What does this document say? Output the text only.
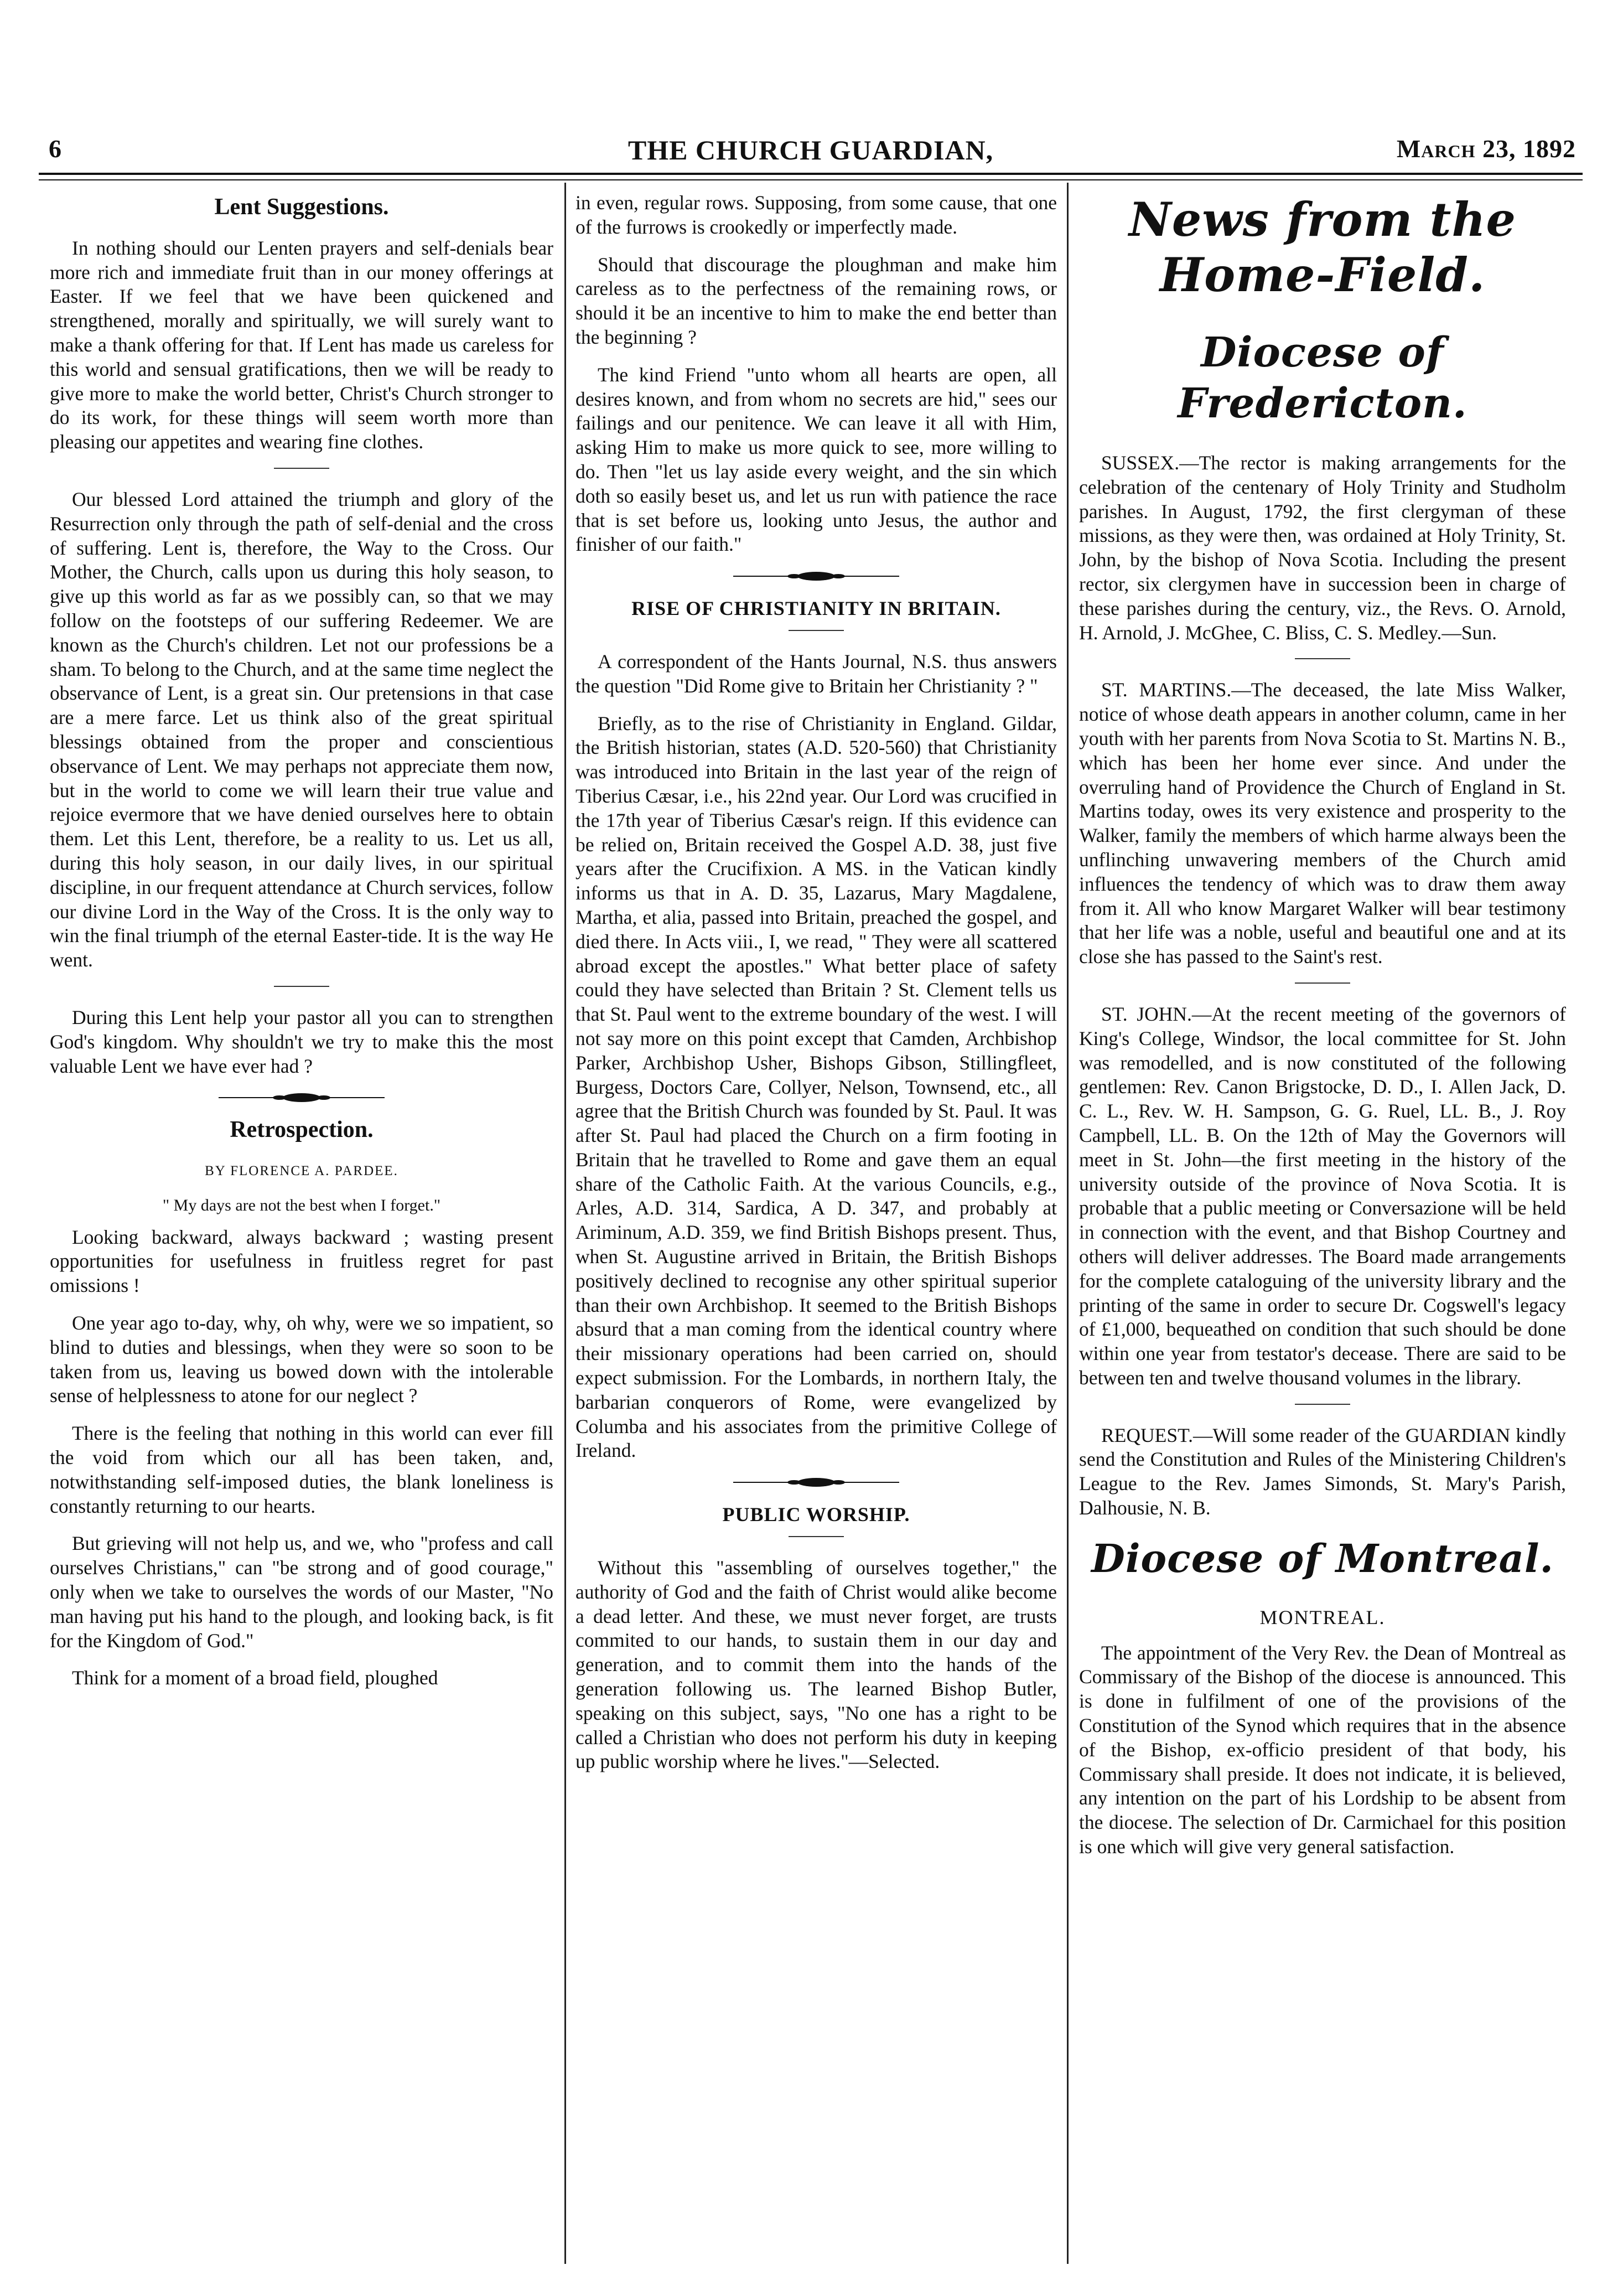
6	THE CHURCH GUARDIAN,	March 23, 1892
Lent Suggestions.

In nothing should our Lenten prayers and self-denials bear more rich and immediate fruit than in our money offerings at Easter. If we feel that we have been quickened and strengthened, morally and spiritually, we will surely want to make a thank offering for that. If Lent has made us careless for this world and sensual gratifications, then we will be ready to give more to make the world better, Christ's Church stronger to do its work, for these things will seem worth more than pleasing our appetites and wearing fine clothes.

Our blessed Lord attained the triumph and glory of the Resurrection only through the path of self-denial and the cross of suffering. Lent is, therefore, the Way to the Cross. Our Mother, the Church, calls upon us during this holy season, to give up this world as far as we possibly can, so that we may follow on the footsteps of our suffering Redeemer. We are known as the Church's children. Let not our professions be a sham. To belong to the Church, and at the same time neglect the observance of Lent, is a great sin. Our pretensions in that case are a mere farce. Let us think also of the great spiritual blessings obtained from the proper and conscientious observance of Lent. We may perhaps not appreciate them now, but in the world to come we will learn their true value and rejoice evermore that we have denied ourselves here to obtain them. Let this Lent, therefore, be a reality to us. Let us all, during this holy season, in our daily lives, in our spiritual discipline, in our frequent attendance at Church services, follow our divine Lord in the Way of the Cross. It is the only way to win the final triumph of the eternal Easter-tide. It is the way He went.

During this Lent help your pastor all you can to strengthen God's kingdom. Why shouldn't we try to make this the most valuable Lent we have ever had ?

Retrospection.
BY FLORENCE A. PARDEE.
" My days are not the best when I forget."

Looking backward, always backward ; wasting present opportunities for usefulness in fruitless regret for past omissions !

One year ago to-day, why, oh why, were we so impatient, so blind to duties and blessings, when they were so soon to be taken from us, leaving us bowed down with the intolerable sense of helplessness to atone for our neglect ?

There is the feeling that nothing in this world can ever fill the void from which our all has been taken, and, notwithstanding self-imposed duties, the blank loneliness is constantly returning to our hearts.

But grieving will not help us, and we, who "profess and call ourselves Christians," can "be strong and of good courage," only when we take to ourselves the words of our Master, "No man having put his hand to the plough, and looking back, is fit for the Kingdom of God."

Think for a moment of a broad field, ploughed

in even, regular rows. Supposing, from some cause, that one of the furrows is crookedly or imperfectly made.

Should that discourage the ploughman and make him careless as to the perfectness of the remaining rows, or should it be an incentive to him to make the end better than the beginning ?

The kind Friend "unto whom all hearts are open, all desires known, and from whom no secrets are hid," sees our failings and our penitence. We can leave it all with Him, asking Him to make us more quick to see, more willing to do. Then "let us lay aside every weight, and the sin which doth so easily beset us, and let us run with patience the race that is set before us, looking unto Jesus, the author and finisher of our faith."

RISE OF CHRISTIANITY IN BRITAIN.

A correspondent of the Hants Journal, N.S. thus answers the question "Did Rome give to Britain her Christianity ? "

Briefly, as to the rise of Christianity in England. Gildar, the British historian, states (A.D. 520-560) that Christianity was introduced into Britain in the last year of the reign of Tiberius Cæsar, i.e., his 22nd year. Our Lord was crucified in the 17th year of Tiberius Cæsar's reign. If this evidence can be relied on, Britain received the Gospel A.D. 38, just five years after the Crucifixion. A MS. in the Vatican kindly informs us that in A. D. 35, Lazarus, Mary Magdalene, Martha, et alia, passed into Britain, preached the gospel, and died there. In Acts viii., I, we read, " They were all scattered abroad except the apostles." What better place of safety could they have selected than Britain ? St. Clement tells us that St. Paul went to the extreme boundary of the west. I will not say more on this point except that Camden, Archbishop Parker, Archbishop Usher, Bishops Gibson, Stillingfleet, Burgess, Doctors Care, Collyer, Nelson, Townsend, etc., all agree that the British Church was founded by St. Paul. It was after St. Paul had placed the Church on a firm footing in Britain that he travelled to Rome and gave them an equal share of the Catholic Faith. At the various Councils, e.g., Arles, A.D. 314, Sardica, A D. 347, and probably at Ariminum, A.D. 359, we find British Bishops present. Thus, when St. Augustine arrived in Britain, the British Bishops positively declined to recognise any other spiritual superior than their own Archbishop. It seemed to the British Bishops absurd that a man coming from the identical country where their missionary operations had been carried on, should expect submission. For the Lombards, in northern Italy, the barbarian conquerors of Rome, were evangelized by Columba and his associates from the primitive College of Ireland.

PUBLIC WORSHIP.

Without this "assembling of ourselves together," the authority of God and the faith of Christ would alike become a dead letter. And these, we must never forget, are trusts commited to our hands, to sustain them in our day and generation, and to commit them into the hands of the generation following us. The learned Bishop Butler, speaking on this subject, says, "No one has a right to be called a Christian who does not perform his duty in keeping up public worship where he lives."—Selected.

News from the Home-Field.
Diocese of Fredericton.

SUSSEX.—The rector is making arrangements for the celebration of the centenary of Holy Trinity and Studholm parishes. In August, 1792, the first clergyman of these missions, as they were then, was ordained at Holy Trinity, St. John, by the bishop of Nova Scotia. Including the present rector, six clergymen have in succession been in charge of these parishes during the century, viz., the Revs. O. Arnold, H. Arnold, J. McGhee, C. Bliss, C. S. Medley.—Sun.

ST. MARTINS.—The deceased, the late Miss Walker, notice of whose death appears in another column, came in her youth with her parents from Nova Scotia to St. Martins N. B., which has been her home ever since. And under the overruling hand of Providence the Church of England in St. Martins today, owes its very existence and prosperity to the Walker, family the members of which harme always been the unflinching unwavering members of the Church amid influences the tendency of which was to draw them away from it. All who know Margaret Walker will bear testimony that her life was a noble, useful and beautiful one and at its close she has passed to the Saint's rest.

ST. JOHN.—At the recent meeting of the governors of King's College, Windsor, the local committee for St. John was remodelled, and is now constituted of the following gentlemen: Rev. Canon Brigstocke, D. D., I. Allen Jack, D. C. L., Rev. W. H. Sampson, G. G. Ruel, LL. B., J. Roy Campbell, LL. B. On the 12th of May the Governors will meet in St. John—the first meeting in the history of the university outside of the province of Nova Scotia. It is probable that a public meeting or Conversazione will be held in connection with the event, and that Bishop Courtney and others will deliver addresses. The Board made arrangements for the complete cataloguing of the university library and the printing of the same in order to secure Dr. Cogswell's legacy of £1,000, bequeathed on condition that such should be done within one year from testator's decease. There are said to be between ten and twelve thousand volumes in the library.

REQUEST.—Will some reader of the GUARDIAN kindly send the Constitution and Rules of the Ministering Children's League to the Rev. James Simonds, St. Mary's Parish, Dalhousie, N. B.

Diocese of Montreal.
MONTREAL.

The appointment of the Very Rev. the Dean of Montreal as Commissary of the Bishop of the diocese is announced. This is done in fulfilment of one of the provisions of the Constitution of the Synod which requires that in the absence of the Bishop, ex-officio president of that body, his Commissary shall preside. It does not indicate, it is believed, any intention on the part of his Lordship to be absent from the diocese. The selection of Dr. Carmichael for this position is one which will give very general satisfaction.
